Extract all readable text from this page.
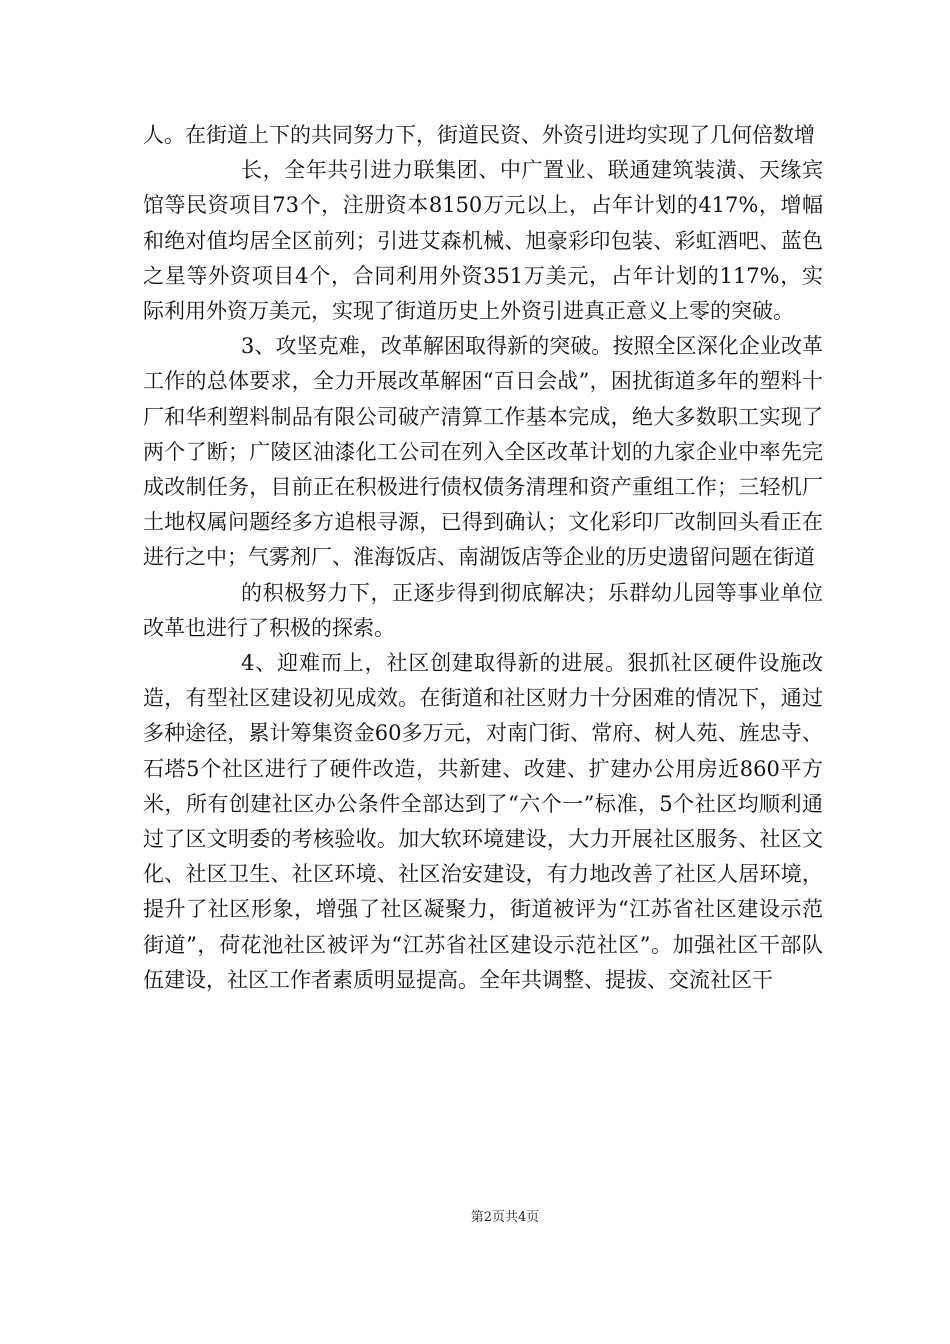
人。在街道上下的共同努力下，街道民资、外资引进均实现了几何倍数增

长，全年共引进力联集团、中广置业、联通建筑装潢、天缘宾馆等民资项目73个，注册资本8150万元以上，占年计划的417%，增幅和绝对值均居全区前列；引进艾森机械、旭豪彩印包装、彩虹酒吧、蓝色之星等外资项目4个，合同利用外资351万美元，占年计划的117%，实际利用外资万美元，实现了街道历史上外资引进真正意义上零的突破。

3、攻坚克难，改革解困取得新的突破。按照全区深化企业改革工作的总体要求，全力开展改革解困“百日会战”，困扰街道多年的塑料十厂和华利塑料制品有限公司破产清算工作基本完成，绝大多数职工实现了两个了断；广陵区油漆化工公司在列入全区改革计划的九家企业中率先完成改制任务，目前正在积极进行债权债务清理和资产重组工作；三轻机厂土地权属问题经多方追根寻源，已得到确认；文化彩印厂改制回头看正在进行之中；气雾剂厂、淮海饭店、南湖饭店等企业的历史遗留问题在街道

的积极努力下，正逐步得到彻底解决；乐群幼儿园等事业单位改革也进行了积极的探索。

4、迎难而上，社区创建取得新的进展。狠抓社区硬件设施改造，有型社区建设初见成效。在街道和社区财力十分困难的情况下，通过多种途径，累计筹集资金60多万元，对南门街、常府、树人苑、旌忠寺、石塔5个社区进行了硬件改造，共新建、改建、扩建办公用房近860平方米，所有创建社区办公条件全部达到了“六个一”标准，5个社区均顺利通过了区文明委的考核验收。加大软环境建设，大力开展社区服务、社区文化、社区卫生、社区环境、社区治安建设，有力地改善了社区人居环境，提升了社区形象，增强了社区凝聚力，街道被评为“江苏省社区建设示范街道”，荷花池社区被评为“江苏省社区建设示范社区”。加强社区干部队伍建设，社区工作者素质明显提高。全年共调整、提拔、交流社区干

第2页共4页
